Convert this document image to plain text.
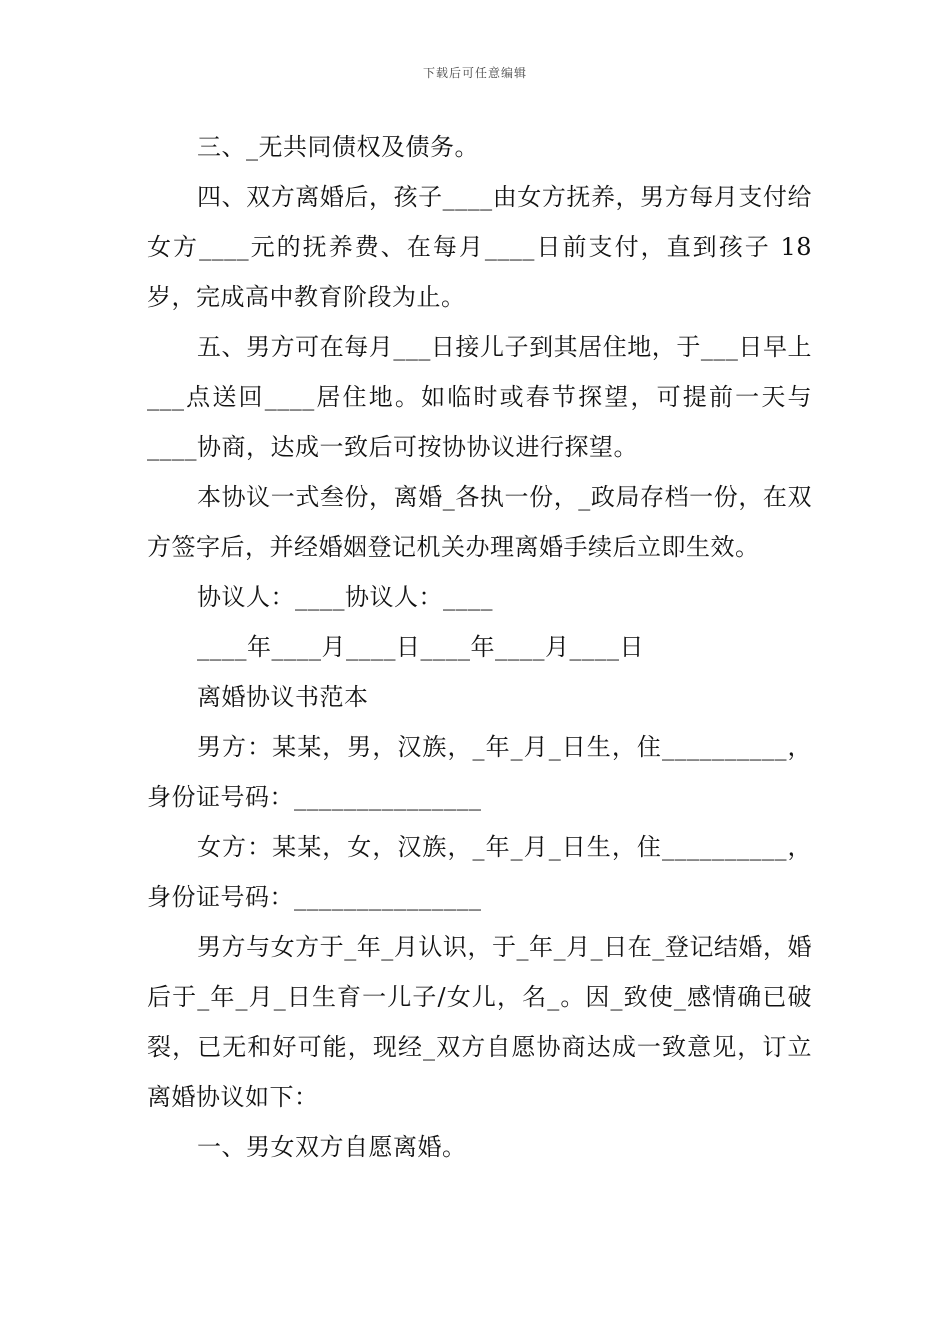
下载后可任意编辑

三、_无共同债权及债务。

四、双方离婚后，孩子____由女方抚养，男方每月支付给女方____元的抚养费、在每月____日前支付，直到孩子 18 岁，完成高中教育阶段为止。

五、男方可在每月___日接儿子到其居住地，于___日早上___点送回____居住地。如临时或春节探望，可提前一天与____协商，达成一致后可按协协议进行探望。

本协议一式叁份，离婚_各执一份，_政局存档一份，在双方签字后，并经婚姻登记机关办理离婚手续后立即生效。

协议人：____协议人：____

____年____月____日____年____月____日

离婚协议书范本

男方：某某，男，汉族，_年_月_日生，住__________，身份证号码：_______________

女方：某某，女，汉族，_年_月_日生，住__________，身份证号码：_______________

男方与女方于_年_月认识，于_年_月_日在_登记结婚，婚后于_年_月_日生育一儿子/女儿，名_。因_致使_感情确已破裂，已无和好可能，现经_双方自愿协商达成一致意见，订立离婚协议如下：

一、男女双方自愿离婚。
